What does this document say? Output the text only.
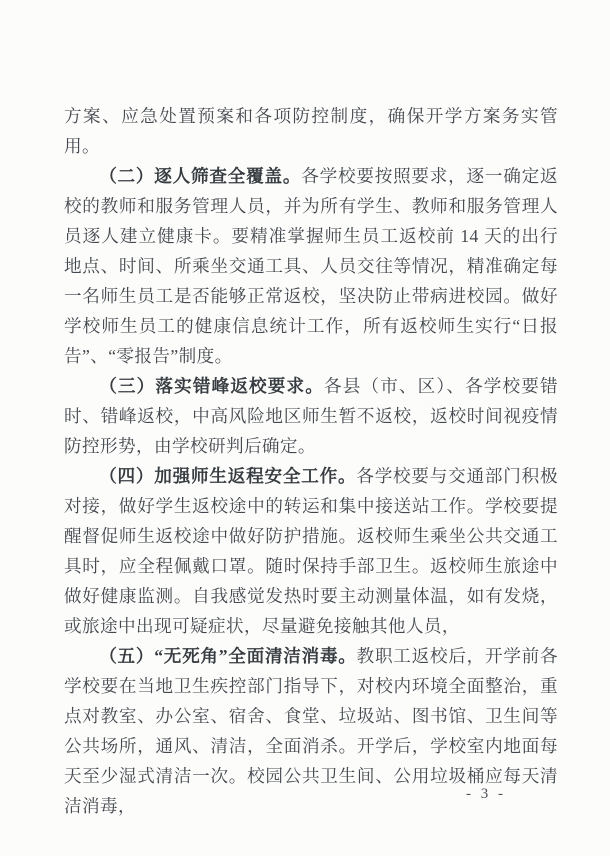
方案、应急处置预案和各项防控制度，确保开学方案务实管 用。

（二）逐人筛查全覆盖。各学校要按照要求，逐一确定返校的教师和服务管理人员，并为所有学生、教师和服务管理人员逐人建立健康卡。要精准掌握师生员工返校前 14 天的出行地点、时间、所乘坐交通工具、人员交往等情况，精准确定每一名师生员工是否能够正常返校，坚决防止带病进校园。做好学校师生员工的健康信息统计工作，所有返校师生实行“日报告”、“零报告”制度。

（三）落实错峰返校要求。各县（市、区）、各学校要错时、错峰返校，中高风险地区师生暂不返校，返校时间视疫情防控形势，由学校研判后确定。

（四）加强师生返程安全工作。各学校要与交通部门积极对接，做好学生返校途中的转运和集中接送站工作。学校要提醒督促师生返校途中做好防护措施。返校师生乘坐公共交通工具时，应全程佩戴口罩。随时保持手部卫生。返校师生旅途中做好健康监测。自我感觉发热时要主动测量体温，如有发烧，或旅途中出现可疑症状，尽量避免接触其他人员，

（五）“无死角”全面清洁消毒。教职工返校后，开学前各学校要在当地卫生疾控部门指导下，对校内环境全面整治，重点对教室、办公室、宿舍、食堂、垃圾站、图书馆、卫生间等公共场所，通风、清洁，全面消杀。开学后，学校室内地面每天至少湿式清洁一次。校园公共卫生间、公用垃圾桶应每天清洁消毒，

- 3 -
